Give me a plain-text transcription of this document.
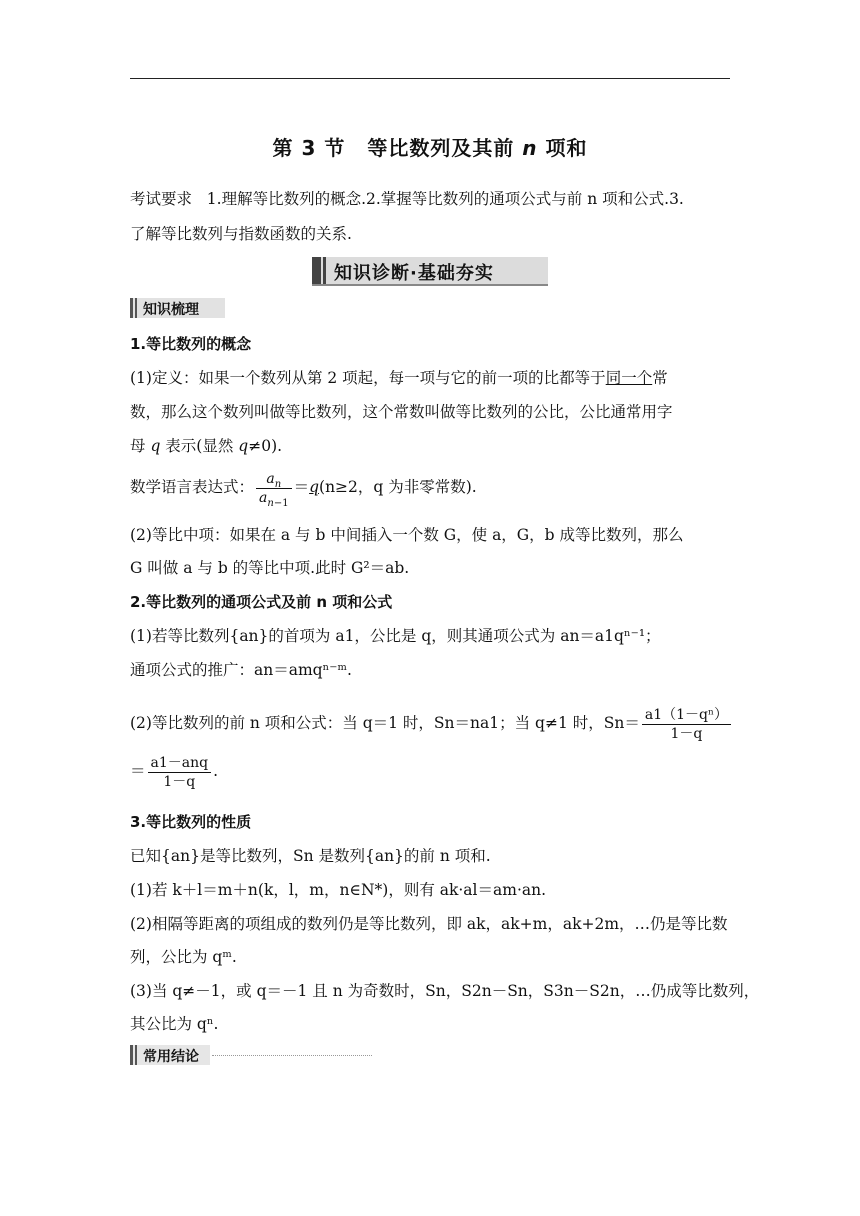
第 3 节 等比数列及其前 n 项和
考试要求 1.理解等比数列的概念.2.掌握等比数列的通项公式与前 n 项和公式.3.
了解等比数列与指数函数的关系.
知识诊断·基础夯实
知识梳理
1.等比数列的概念
(1)定义：如果一个数列从第 2 项起，每一项与它的前一项的比都等于同一个常
数，那么这个数列叫做等比数列，这个常数叫做等比数列的公比，公比通常用字
母 q 表示(显然 q≠0).
数学语言表达式： $\frac{a_n}{a_{n-1}} =q(n\ge 2$，q 为非零常数).
(2)等比中项：如果在 a 与 b 中间插入一个数 G，使 a，G，b 成等比数列，那么
G 叫做 a 与 b 的等比中项.此时 G²＝ab.
2.等比数列的通项公式及前 n 项和公式
(1)若等比数列{an}的首项为 a1，公比是 q，则其通项公式为 an＝a1qⁿ⁻¹；
通项公式的推广：an＝amqⁿ⁻ᵐ.
(2)等比数列的前 n 项和公式：当 q＝1 时，Sn＝na1；当 q≠1 时，$Sn= \frac{\text{a1（1－qⁿ）}}{1-q}$
＝ $\frac{\text{a1－anq}}{1-q}$ .
3.等比数列的性质
已知{an}是等比数列，Sn 是数列{an}的前 n 项和.
(1)若 k＋l＝m＋n(k，l，m，n∈N*)，则有 ak·al＝am·an.
(2)相隔等距离的项组成的数列仍是等比数列，即 ak，ak+m，ak+2m，…仍是等比数
列，公比为 qᵐ.
(3)当 q≠－1，或 q＝－1 且 n 为奇数时，Sn，S2n－Sn，S3n－S2n，…仍成等比数列，
其公比为 qⁿ.
常用结论
